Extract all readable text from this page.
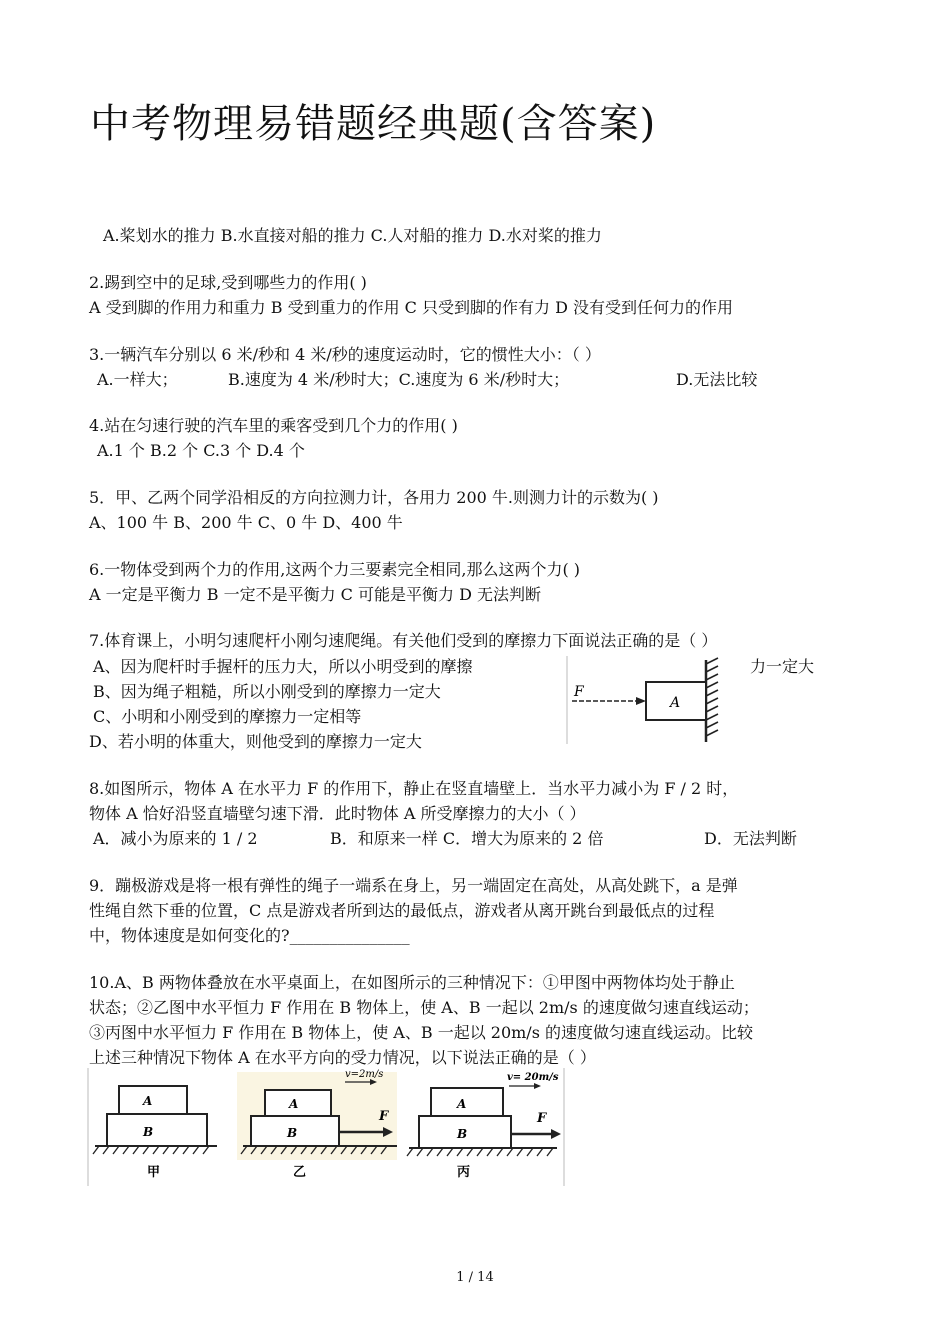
中考物理易错题经典题(含答案)
A.桨划水的推力 B.水直接对船的推力 C.人对船的推力 D.水对桨的推力
2.踢到空中的足球,受到哪些力的作用( )
A 受到脚的作用力和重力 B 受到重力的作用 C 只受到脚的作有力 D 没有受到任何力的作用
3.一辆汽车分别以 6 米/秒和 4 米/秒的速度运动时，它的惯性大小：（ ）
A.一样大；	B.速度为 4 米/秒时大；C.速度为 6 米/秒时大；	D.无法比较
4.站在匀速行驶的汽车里的乘客受到几个力的作用( )
A.1 个 B.2 个 C.3 个 D.4 个
5．甲、乙两个同学沿相反的方向拉测力计，各用力 200 牛.则测力计的示数为( )
A、100 牛 B、200 牛 C、0 牛 D、400 牛
6.一物体受到两个力的作用,这两个力三要素完全相同,那么这两个力( )
A 一定是平衡力 B 一定不是平衡力 C 可能是平衡力 D 无法判断
7.体育课上，小明匀速爬杆小刚匀速爬绳。有关他们受到的摩擦力下面说法正确的是（ ）
A、因为爬杆时手握杆的压力大，所以小明受到的摩擦	力一定大
B、因为绳子粗糙，所以小刚受到的摩擦力一定大
C、小明和小刚受到的摩擦力一定相等
D、若小明的体重大，则他受到的摩擦力一定大
F
A
8.如图所示，物体 A 在水平力 F 的作用下，静止在竖直墙壁上．当水平力减小为 F / 2 时，
物体 A 恰好沿竖直墙壁匀速下滑．此时物体 A 所受摩擦力的大小（ ）
A．减小为原来的 1 / 2	B．和原来一样 C．增大为原来的 2 倍	D．无法判断
9．蹦极游戏是将一根有弹性的绳子一端系在身上，另一端固定在高处，从高处跳下，a 是弹
性绳自然下垂的位置，C 点是游戏者所到达的最低点，游戏者从离开跳台到最低点的过程
中，物体速度是如何变化的?_______________
10.A、B 两物体叠放在水平桌面上，在如图所示的三种情况下：①甲图中两物体均处于静止
状态；②乙图中水平恒力 F 作用在 B 物体上，使 A、B 一起以 2m/s 的速度做匀速直线运动；
③丙图中水平恒力 F 作用在 B 物体上，使 A、B 一起以 20m/s 的速度做匀速直线运动。比较
上述三种情况下物体 A 在水平方向的受力情况，以下说法正确的是（ ）
A
B
甲
v=2m/s
A
B
F
乙
v= 20m/s
A
B
F
丙
1 / 14
